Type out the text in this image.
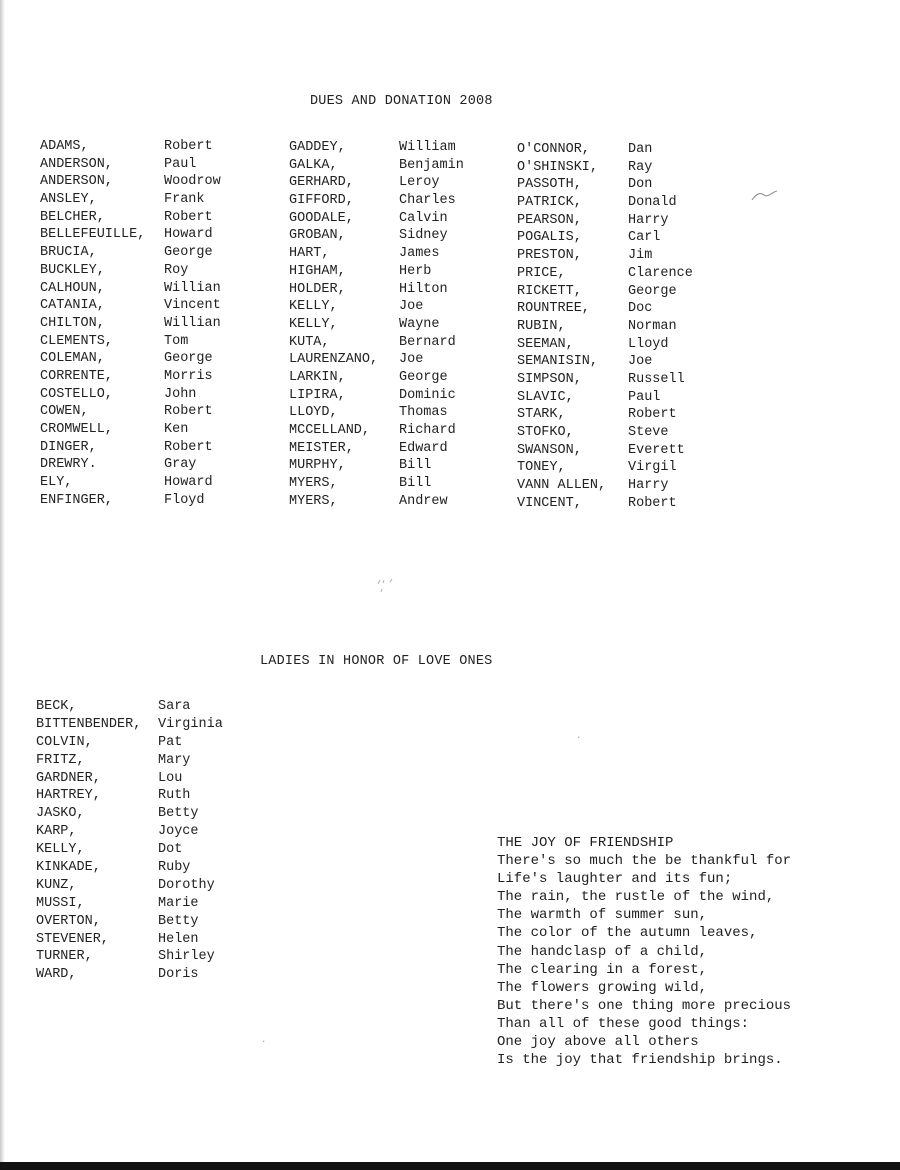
DUES AND DONATION 2008
ADAMS,	Robert
ANDERSON,	Paul
ANDERSON,	Woodrow
ANSLEY,	Frank
BELCHER,	Robert
BELLEFEUILLE, Howard
BRUCIA,	George
BUCKLEY,	Roy
CALHOUN,	Willian
CATANIA,	Vincent
CHILTON,	Willian
CLEMENTS,	Tom
COLEMAN,	George
CORRENTE,	Morris
COSTELLO,	John
COWEN,	Robert
CROMWELL,	Ken
DINGER,	Robert
DREWRY.	Gray
ELY,	Howard
ENFINGER,	Floyd
GADDEY,	William
GALKA,	Benjamin
GERHARD,	Leroy
GIFFORD,	Charles
GOODALE,	Calvin
GROBAN,	Sidney
HART,	James
HIGHAM,	Herb
HOLDER,	Hilton
KELLY,	Joe
KELLY,	Wayne
KUTA,	Bernard
LAURENZANO, Joe
LARKIN,	George
LIPIRA,	Dominic
LLOYD,	Thomas
MCCELLAND, Richard
MEISTER,	Edward
MURPHY,	Bill
MYERS,	Bill
MYERS,	Andrew
O'CONNOR,	Dan
O'SHINSKI, Ray
PASSOTH,	Don
PATRICK,	Donald
PEARSON,	Harry
POGALIS,	Carl
PRESTON,	Jim
PRICE,	Clarence
RICKETT,	George
ROUNTREE,	Doc
RUBIN,	Norman
SEEMAN,	Lloyd
SEMANISIN, Joe
SIMPSON,	Russell
SLAVIC,	Paul
STARK,	Robert
STOFKO,	Steve
SWANSON,	Everett
TONEY,	Virgil
VANN ALLEN, Harry
VINCENT,	Robert
LADIES IN HONOR OF LOVE ONES
BECK,	Sara
BITTENBENDER, Virginia
COLVIN,	Pat
FRITZ,	Mary
GARDNER,	Lou
HARTREY,	Ruth
JASKO,	Betty
KARP,	Joyce
KELLY,	Dot
KINKADE,	Ruby
KUNZ,	Dorothy
MUSSI,	Marie
OVERTON,	Betty
STEVENER,	Helen
TURNER,	Shirley
WARD,	Doris
THE JOY OF FRIENDSHIP
There's so much the be thankful for
Life's laughter and its fun;
The rain, the rustle of the wind,
The warmth of summer sun,
The color of the autumn leaves,
The handclasp of a child,
The clearing in a forest,
The flowers growing wild,
But there's one thing more precious
Than all of these good things:
One joy above all others
Is the joy that friendship brings.
·
·
